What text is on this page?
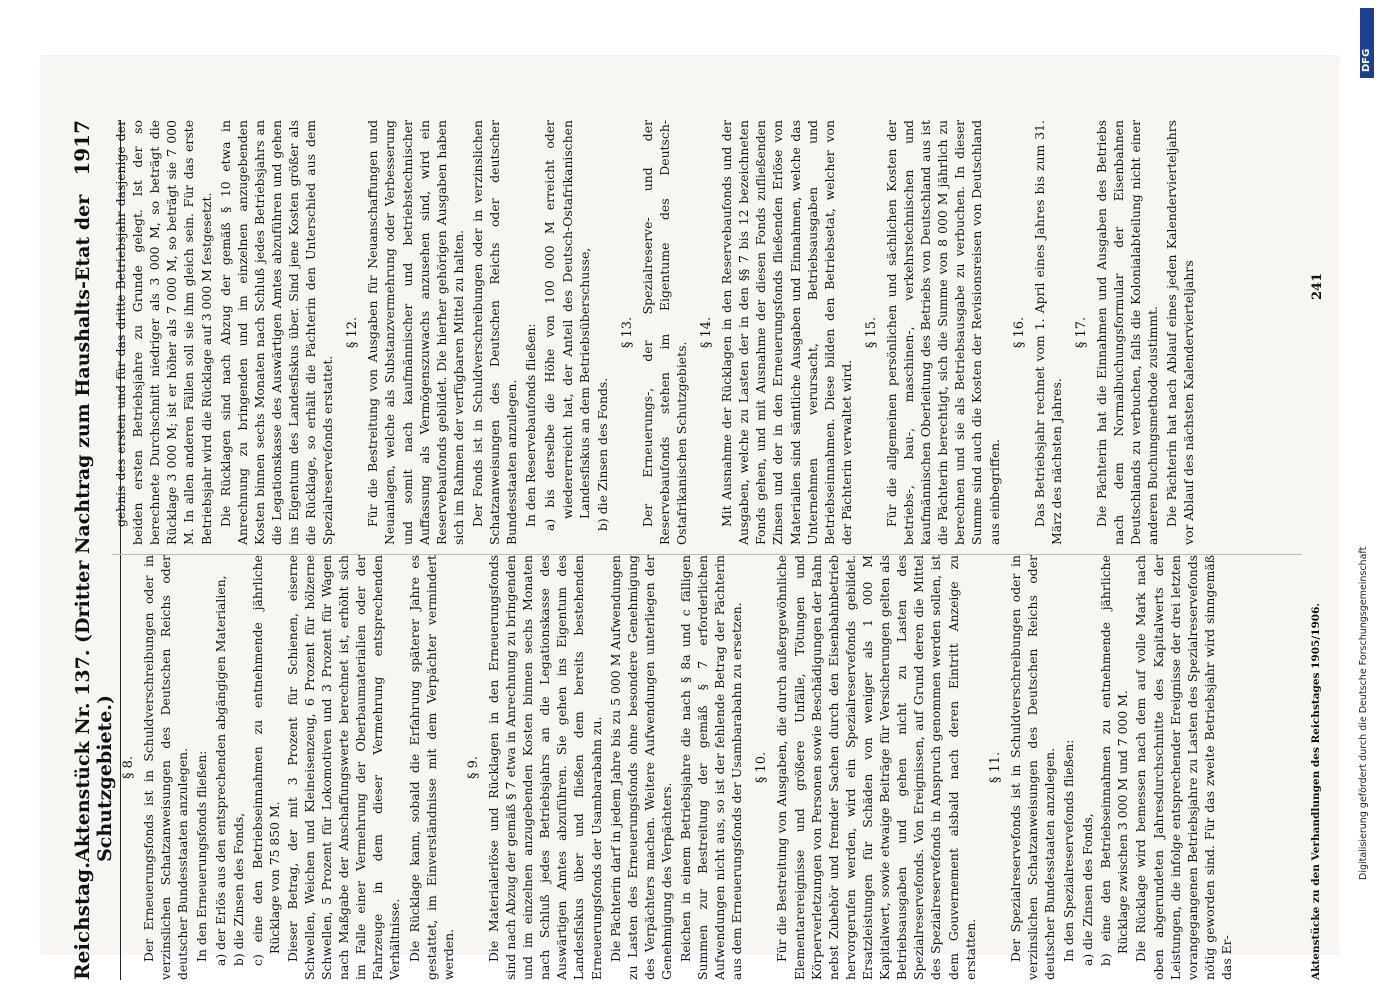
Reichstag.
Aktenstück Nr. 137. (Dritter Nachtrag zum Haushalts-Etat der Schutzgebiete.)
1917
§ 8. Der Erneuerungsfonds ist in Schuldverschreibungen oder in verzinslichen Schatzanweisungen des Deutschen Reichs oder deutscher Bundesstaaten anzulegen. In den Erneuerungsfonds fließen: a) der Erlös aus den entsprechenden abgängigen Materialien, b) die Zinsen des Fonds, c) eine den Betriebseinnahmen zu entnehmende jährliche Rücklage von 75 850 M. Dieser Betrag, der mit 3 Prozent für Schienen, eiserne Schwellen, Weichen und Kleineisenzeug, 6 Prozent für hölzerne Schwellen, 5 Prozent für Lokomotiven und 3 Prozent für Wagen nach Maßgabe der Anschaffungswerte berechnet ist, erhöht sich im Falle einer Vermehrung der Oberbaumaterialien oder der Fahrzeuge in dem dieser Vermehrung entsprechenden Verhältnisse. Die Rücklage kann, sobald die Erfahrung späterer Jahre es gestattet, im Einverständnisse mit dem Verpächter vermindert werden.
§ 9. Die Materialerlöse und Rücklagen in den Erneuerungsfonds sind nach Abzug der gemäß § 7 etwa in Anrechnung zu bringenden und im einzelnen anzugebenden Kosten binnen sechs Monaten nach Schluß jedes Betriebsjahrs an die Legationskasse des Auswärtigen Amtes abzuführen. Sie gehen ins Eigentum des Landesfiskus über und fließen dem bereits bestehenden Erneuerungsfonds der Usambarabahn zu. Die Pächterin darf in jedem Jahre bis zu 5 000 M Aufwendungen zu Lasten des Erneuerungsfonds ohne besondere Genehmigung des Verpächters machen. Weitere Aufwendungen unterliegen der Genehmigung des Verpächters. Reichen in einem Betriebsjahre die nach § 8a und c fälligen Summen zur Bestreitung der gemäß § 7 erforderlichen Aufwendungen nicht aus, so ist der fehlende Betrag der Pächterin aus dem Erneuerungsfonds der Usambarabahn zu ersetzen. § 10. Für die Bestreitung von Ausgaben, die durch außergewöhnliche Elementarereignisse und größere Unfälle, Tötungen und Körperverletzungen von Personen sowie Beschädigungen der Bahn nebst Zubehör und fremder Sachen durch den Eisenbahnbetrieb hervorgerufen werden, wird ein Spezialreservefonds gebildet. Ersatzleistungen für Schäden von weniger als 1 000 M Kapitalwert, sowie etwaige Beiträge für Versicherungen gelten als Betriebsausgaben und gehen nicht zu Lasten des Spezialreservefonds. Von Ereignissen, auf Grund deren die Mittel des Spezialreservefonds in Anspruch genommen werden sollen, ist dem Gouvernement alsbald nach deren Eintritt Anzeige zu erstatten.
§ 11. Der Spezialreservefonds ist in Schuldverschreibungen oder in verzinslichen Schatzanweisungen des Deutschen Reichs oder deutscher Bundesstaaten anzulegen. In den Spezialreservefonds fließen: a) die Zinsen des Fonds, b) eine den Betriebseinnahmen zu entnehmende jährliche Rücklage zwischen 3 000 M und 7 000 M. Die Rücklage wird bemessen nach dem auf volle Mark nach oben abgerundeten Jahresdurchschnitte des Kapitalwerts der Leistungen, die infolge entsprechender Ereignisse der drei letzten vorangegangenen Betriebsjahre zu Lasten des Spezialreservefonds nötig geworden sind. Für das zweite Betriebsjahr wird sinngemäß das Er-
gebnis des ersten und für das dritte Betriebsjahr dasjenige der beiden ersten Betriebsjahre zu Grunde gelegt. Ist der so berechnete Durchschnitt niedriger als 3 000 M, so beträgt die Rücklage 3 000 M; ist er höher als 7 000 M, so beträgt sie 7 000 M. In allen anderen Fällen soll sie ihm gleich sein. Für das erste Betriebsjahr wird die Rücklage auf 3 000 M festgesetzt. Die Rücklagen sind nach Abzug der gemäß § 10 etwa in Anrechnung zu bringenden und im einzelnen anzugebenden Kosten binnen sechs Monaten nach Schluß jedes Betriebsjahrs an die Legationskasse des Auswärtigen Amtes abzuführen und gehen ins Eigentum des Landesfiskus über. Sind jene Kosten größer als die Rücklage, so erhält die Pächterin den Unterschied aus dem Spezialreservefonds erstattet.
§ 12. Für die Bestreitung von Ausgaben für Neuanschaffungen und Neuanlagen, welche als Substanzvermehrung oder Verbesserung und somit nach kaufmännischer und betriebstechnischer Auffassung als Vermögenszuwachs anzusehen sind, wird ein Reservebaufonds gebildet. Die hierher gehörigen Ausgaben haben sich im Rahmen der verfügbaren Mittel zu halten. Der Fonds ist in Schuldverschreibungen oder in verzinslichen Schatzanweisungen des Deutschen Reichs oder deutscher Bundesstaaten anzulegen. In den Reservebaufonds fließen: a) bis derselbe die Höhe von 100 000 M erreicht oder wiedererreicht hat, der Anteil des Deutsch-Ostafrikanischen Landesfiskus an dem Betriebsüberschusse, b) die Zinsen des Fonds.
§ 13. Der Erneuerungs-, der Spezialreserve- und der Reservebaufonds stehen im Eigentume des Deutsch-Ostafrikanischen Schutzgebiets.
§ 14. Mit Ausnahme der Rücklagen in den Reservebaufonds und der Ausgaben, welche zu Lasten der in den §§ 7 bis 12 bezeichneten Fonds gehen, und mit Ausnahme der diesen Fonds zufließenden Zinsen und der in den Erneuerungsfonds fließenden Erlöse von Materialien sind sämtliche Ausgaben und Einnahmen, welche das Unternehmen verursacht, Betriebsausgaben und Betriebseinnahmen. Diese bilden den Betriebsetat, welcher von der Pächterin verwaltet wird.
§ 15. Für die allgemeinen persönlichen und sächlichen Kosten der betriebs-, bau-, maschinen-, verkehrstechnischen und kaufmännischen Oberleitung des Betriebs von Deutschland aus ist die Pächterin berechtigt, sich die Summe von 8 000 M jährlich zu berechnen und sie als Betriebsausgabe zu verbuchen. In dieser Summe sind auch die Kosten der Revisionsreisen von Deutschland aus einbegriffen.
§ 16. Das Betriebsjahr rechnet vom 1. April eines Jahres bis zum 31. März des nächsten Jahres.
§ 17. Die Pächterin hat die Einnahmen und Ausgaben des Betriebs nach dem Normalbuchungsformular der Eisenbahnen Deutschlands zu verbuchen, falls die Kolonialabteilung nicht einer anderen Buchungsmethode zustimmt. Die Pächterin hat nach Ablauf eines jeden Kalendervierteljahrs vor Ablauf des nächsten Kalendervierteljahrs
Aktenstücke zu den Verhandlungen des Reichstages 1905/1906.
241
DFG
Digitalisierung gefördert durch die Deutsche Forschungsgemeinschaft
